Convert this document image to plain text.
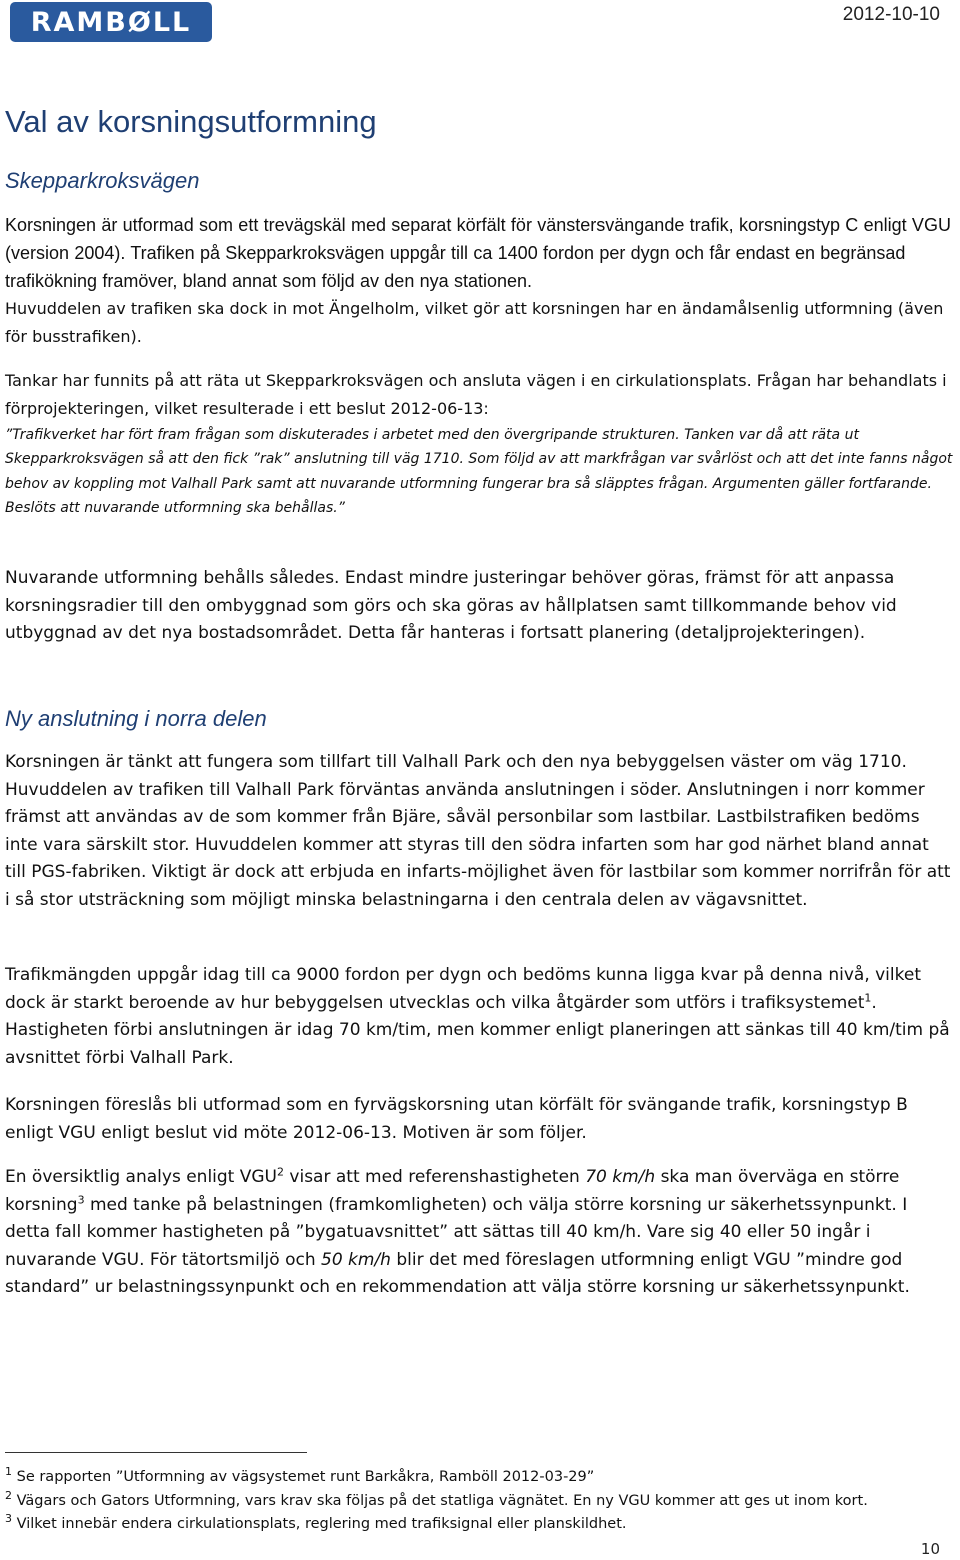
RAMBØLL	2012-10-10
Val av korsningsutformning
Skepparkroksvägen

Korsningen är utformad som ett trevägskäl med separat körfält för vänstersvängande trafik, korsningstyp C enligt VGU (version 2004). Trafiken på Skepparkroksvägen uppgår till ca 1400 fordon per dygn och får endast en begränsad trafikökning framöver, bland annat som följd av den nya stationen.

Huvuddelen av trafiken ska dock in mot Ängelholm, vilket gör att korsningen har en ändamålsenlig utformning (även för busstrafiken).

Tankar har funnits på att räta ut Skepparkroksvägen och ansluta vägen i en cirkulationsplats. Frågan har behandlats i förprojekteringen, vilket resulterade i ett beslut 2012-06-13:

”Trafikverket har fört fram frågan som diskuterades i arbetet med den övergripande strukturen. Tanken var då att räta ut Skepparkroksvägen så att den fick ”rak” anslutning till väg 1710. Som följd av att markfrågan var svårlöst och att det inte fanns något behov av koppling mot Valhall Park samt att nuvarande utformning fungerar bra så släpptes frågan. Argumenten gäller fortfarande. Beslöts att nuvarande utformning ska behållas.”

Nuvarande utformning behålls således. Endast mindre justeringar behöver göras, främst för att anpassa korsningsradier till den ombyggnad som görs och ska göras av hållplatsen samt tillkommande behov vid utbyggnad av det nya bostadsområdet. Detta får hanteras i fortsatt planering (detaljprojekteringen).

Ny anslutning i norra delen

Korsningen är tänkt att fungera som tillfart till Valhall Park och den nya bebyggelsen väster om väg 1710. Huvuddelen av trafiken till Valhall Park förväntas använda anslutningen i söder. Anslutningen i norr kommer främst att användas av de som kommer från Bjäre, såväl personbilar som lastbilar. Lastbilstrafiken bedöms inte vara särskilt stor. Huvuddelen kommer att styras till den södra infarten som har god närhet bland annat till PGS-fabriken. Viktigt är dock att erbjuda en infarts-möjlighet även för lastbilar som kommer norrifrån för att i så stor utsträckning som möjligt minska belastningarna i den centrala delen av vägavsnittet.

Trafikmängden uppgår idag till ca 9000 fordon per dygn och bedöms kunna ligga kvar på denna nivå, vilket dock är starkt beroende av hur bebyggelsen utvecklas och vilka åtgärder som utförs i trafiksystemet$^1$. Hastigheten förbi anslutningen är idag 70 km/tim, men kommer enligt planeringen att sänkas till 40 km/tim på avsnittet förbi Valhall Park.

Korsningen föreslås bli utformad som en fyrvägskorsning utan körfält för svängande trafik, korsningstyp B enligt VGU enligt beslut vid möte 2012-06-13. Motiven är som följer.

En översiktlig analys enligt VGU$^2$ visar att med referenshastigheten 70 km/h ska man överväga en större korsning$^3$ med tanke på belastningen (framkomligheten) och välja större korsning ur säkerhetssynpunkt. I detta fall kommer hastigheten på ”bygatuavsnittet” att sättas till 40 km/h. Vare sig 40 eller 50 ingår i nuvarande VGU. För tätortsmiljö och 50 km/h blir det med föreslagen utformning enligt VGU ”mindre god standard” ur belastningssynpunkt och en rekommendation att välja större korsning ur säkerhetssynpunkt.

$^1$ Se rapporten ”Utformning av vägsystemet runt Barkåkra, Ramböll 2012-03-29”

$^2$ Vägars och Gators Utformning, vars krav ska följas på det statliga vägnätet. En ny VGU kommer att ges ut inom kort.

$^3$ Vilket innebär endera cirkulationsplats, reglering med trafiksignal eller planskildhet.

10
